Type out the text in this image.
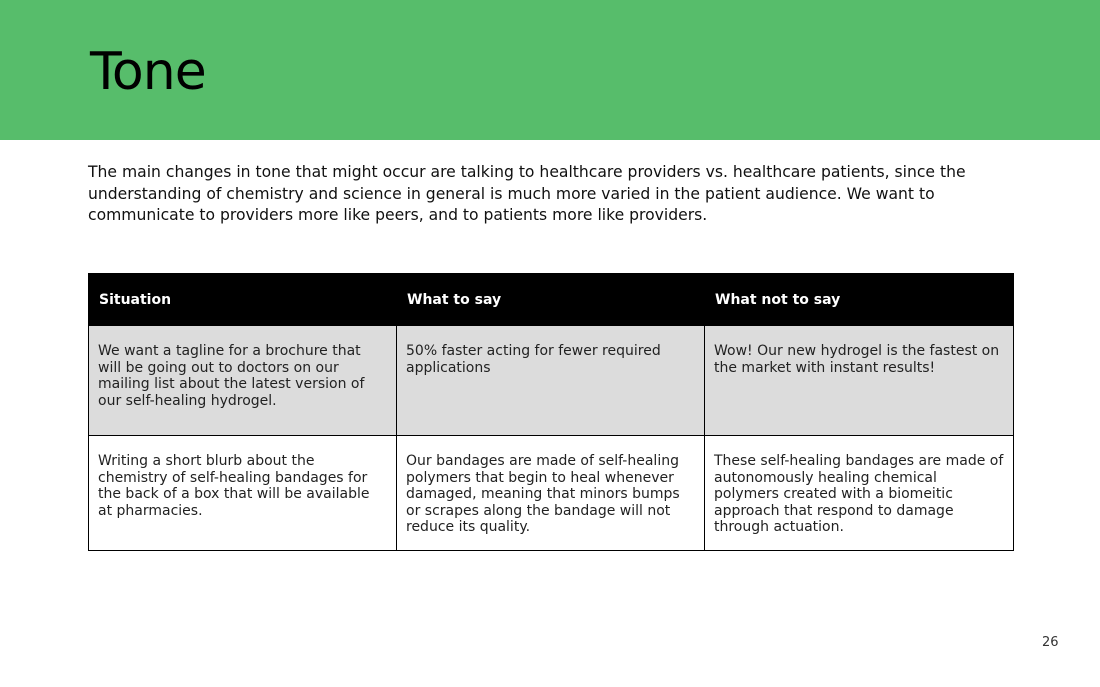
Tone

The main changes in tone that might occur are talking to healthcare providers vs. healthcare patients, since the understanding of chemistry and science in general is much more varied in the patient audience. We want to communicate to providers more like peers, and to patients more like providers.

Situation	What to say	What not to say
We want a tagline for a brochure that will be going out to doctors on our mailing list about the latest version of our self-healing hydrogel.	50% faster acting for fewer required applications	Wow! Our new hydrogel is the fastest on the market with instant results!
Writing a short blurb about the chemistry of self-healing bandages for the back of a box that will be available at pharmacies.	Our bandages are made of self-healing polymers that begin to heal whenever damaged, meaning that minors bumps or scrapes along the bandage will not reduce its quality.	These self-healing bandages are made of autonomously healing chemical polymers created with a biomeitic approach that respond to damage through actuation.
26
